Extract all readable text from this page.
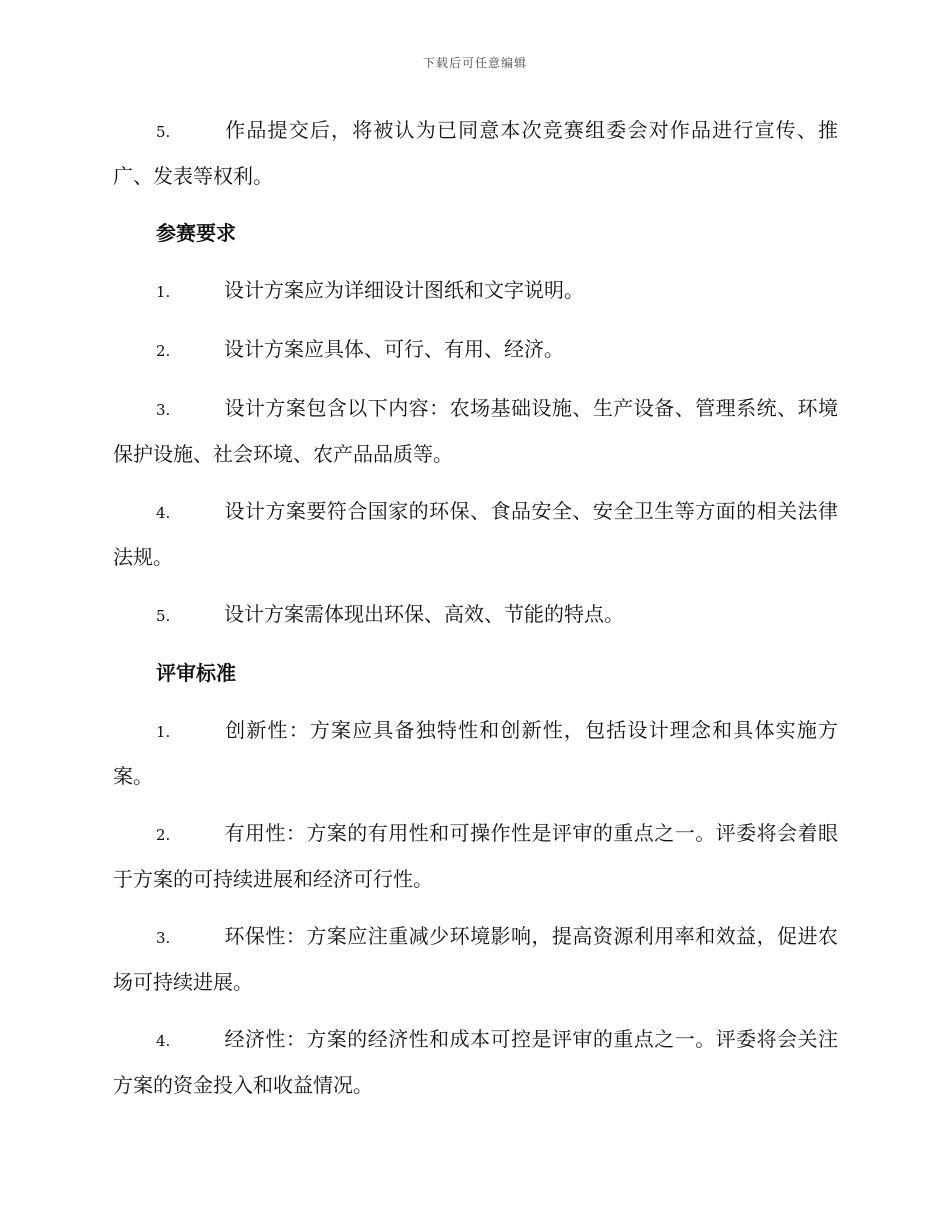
下载后可任意编辑

5.	作品提交后，将被认为已同意本次竞赛组委会对作品进行宣传、推广、发表等权利。

参赛要求

1.	设计方案应为详细设计图纸和文字说明。

2.	设计方案应具体、可行、有用、经济。

3.	设计方案包含以下内容：农场基础设施、生产设备、管理系统、环境保护设施、社会环境、农产品品质等。

4.	设计方案要符合国家的环保、食品安全、安全卫生等方面的相关法律法规。

5.	设计方案需体现出环保、高效、节能的特点。

评审标准

1.	创新性：方案应具备独特性和创新性，包括设计理念和具体实施方案。

2.	有用性：方案的有用性和可操作性是评审的重点之一。评委将会着眼于方案的可持续进展和经济可行性。

3.	环保性：方案应注重减少环境影响，提高资源利用率和效益，促进农场可持续进展。

4.	经济性：方案的经济性和成本可控是评审的重点之一。评委将会关注方案的资金投入和收益情况。
